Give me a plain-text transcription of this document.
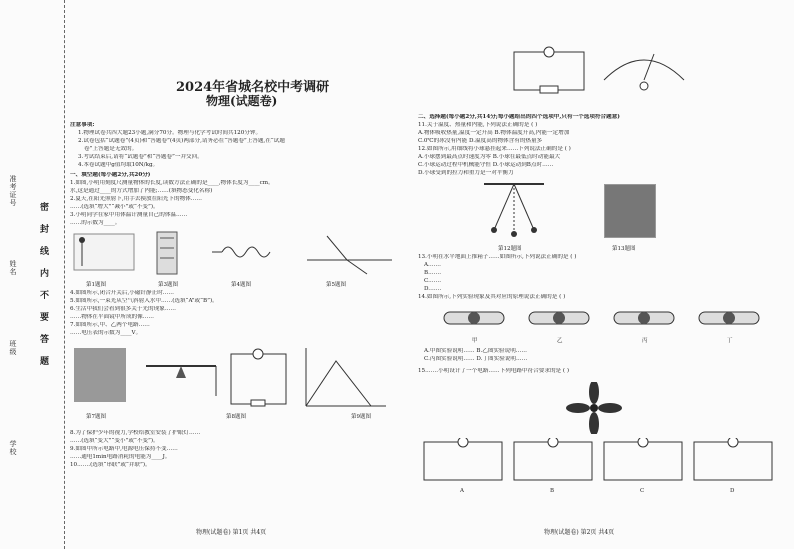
准考证号
姓名
班级
学校
密
封
线
内
不
要
答
题
2024年省城名校中考调研
物理(试题卷)
注意事项:
1.物理试卷共四大题23小题,满分70分。物理与化学考试时间共120分钟。
2.试卷包括“试题卷”(4页)和“答题卷”(4页)两部分,请务必在“答题卷”上答题,在“试题
卷”上答题是无效的。
3.考试结束后,请将“试题卷”和“答题卷”一并交回。
4.本卷试题中g值均取10N/kg。
一、填空题(每小题2分,共20分)
1.如图,小明用刻度尺测量物体的长度,读数方法正确的是____,物体长度为____cm。
水,这是通过____的方式增加了内能;……(填物态变化名称)
2.夏天,在阳光照射下,用手去摸放在阳光下的物体……
……(选填“增大”“减小”或“不变”)。
3.小明同学在家中用体温计测量自己的体温……
……的示数为____。
第1题图	第3题图	第4题图	第5题图
4.如图所示,闭合开关后,小磁针静止时……
5.如图所示,一束光从空气斜射入水中……(选填“A”或“B”)。
6.生活中我们会看到很多关于光的现象……
……物体在平面镜中所成的像……
7.如图所示,甲、乙两个电路……
……电压表的示数为____V。
第7题图	第8题图	第9题图
8.为了保护少年的视力,学校给教室安装了护眼灯……
……(选填“变大”“变小”或“不变”)。
9.如图甲所示电路中,电源电压保持不变……
……通电1min电路消耗的电能为____J。
10.……(选填“串联”或“并联”)。
物理(试题卷) 第1页 共4页
二、选择题(每小题2分,共14分;每小题给出的四个选项中,只有一个选项符合题意)
11.关于温度、热量和内能,下列说法正确的是 ( )
A.物体吸收热量,温度一定升高 B.物体温度升高,内能一定增加
C.0℃的冰没有内能 D.温度高的物体含有的热量多
12.如图所示,用细线将小球悬挂起来……下列说法正确的是 ( )
A.小球摆到最高点时速度为零 B.小球在最低点时动能最大
C.小球运动过程中机械能守恒 D.小球运动到B点时……
D.小球受到的拉力和重力是一对平衡力
第12题图	第13题图
13.小明在水平地面上推箱子……如图所示,下列说法正确的是 ( )
A.……
B.……
C.……
D.……
14.如图所示,下列实验现象及其对应的原理说法正确的是 ( )
甲	乙	丙	丁
A.甲图实验说明…… B.乙图实验说明……
C.丙图实验说明…… D.丁图实验说明……
15.……小明设计了一个电路……下列电路中符合要求的是 ( )
A	B	C	D
物理(试题卷) 第2页 共4页
